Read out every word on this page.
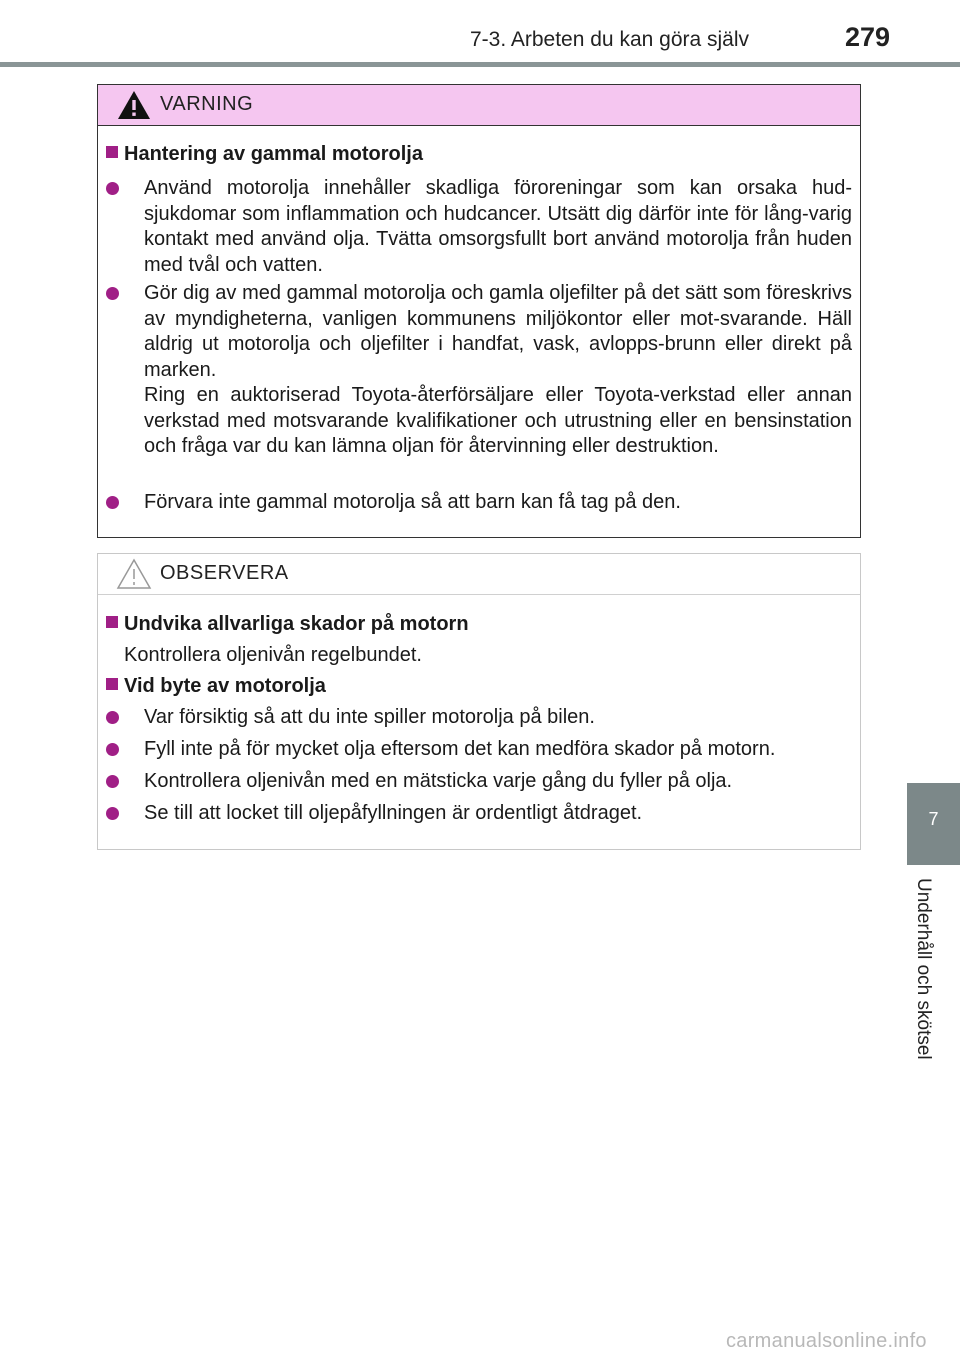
7-3. Arbeten du kan göra själv	279
VARNING
Hantering av gammal motorolja
Använd motorolja innehåller skadliga föroreningar som kan orsaka hud-sjukdomar som inflammation och hudcancer. Utsätt dig därför inte för lång-varig kontakt med använd olja. Tvätta omsorgsfullt bort använd motorolja från huden med tvål och vatten.
Gör dig av med gammal motorolja och gamla oljefilter på det sätt som föreskrivs av myndigheterna, vanligen kommunens miljökontor eller mot-svarande. Häll aldrig ut motorolja och oljefilter i handfat, vask, avlopps-brunn eller direkt på marken.
Ring en auktoriserad Toyota-återförsäljare eller Toyota-verkstad eller annan verkstad med motsvarande kvalifikationer och utrustning eller en bensinstation och fråga var du kan lämna oljan för återvinning eller destruktion.
Förvara inte gammal motorolja så att barn kan få tag på den.
OBSERVERA
Undvika allvarliga skador på motorn
Kontrollera oljenivån regelbundet.
Vid byte av motorolja
Var försiktig så att du inte spiller motorolja på bilen.
Fyll inte på för mycket olja eftersom det kan medföra skador på motorn.
Kontrollera oljenivån med en mätsticka varje gång du fyller på olja.
Se till att locket till oljepåfyllningen är ordentligt åtdraget.	7
Underhåll och skötsel
carmanualsonline.info
